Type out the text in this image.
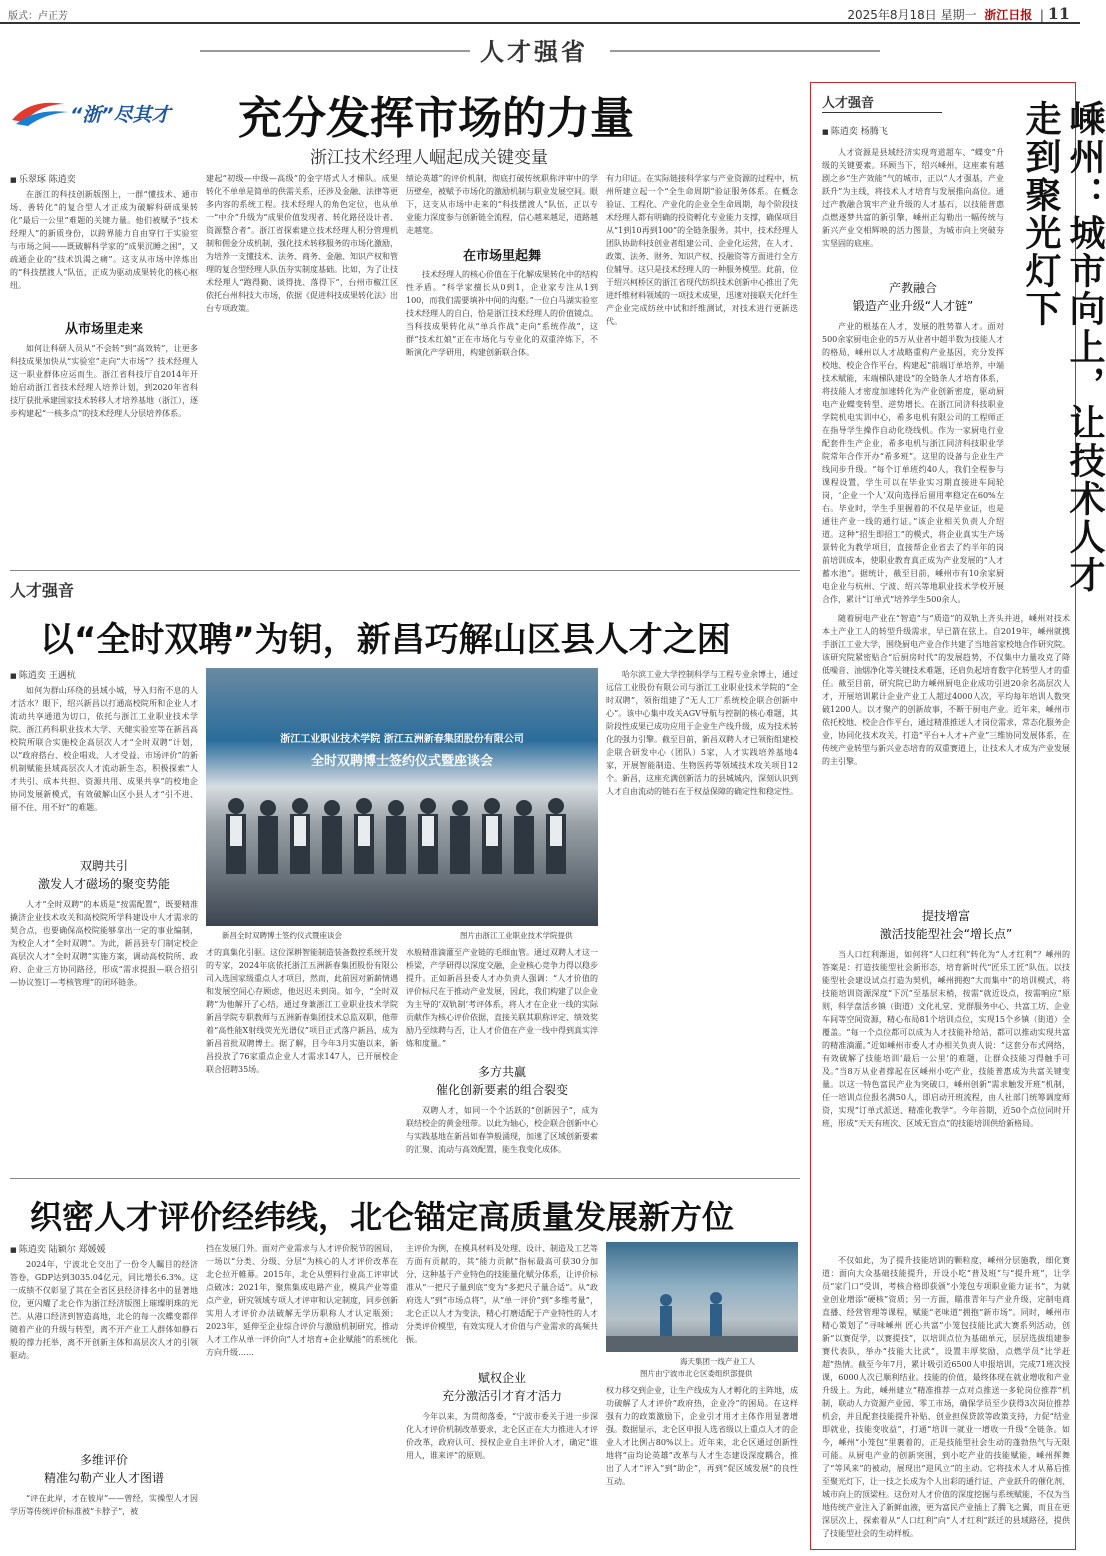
版式：卢正芳	2025年8月18日 星期一 浙江日报  | 11
人才强省
“浙”尽其才 充分发挥市场的力量
浙江技术经理人崛起成关键变量
■ 乐翠琢 陈逍奕
在浙江的科技创新版图上，一群“懂技术、通市场、善转化”的复合型人才正成为破解科研成果转化“最后一公里”难题的关键力量。他们被赋予“技术经理人”的新质身份，以跨界能力自由穿行于实验室与市场之间——既破解科学家的“成果沉睡之困”，又疏通企业的“技术饥渴之痛”。这支从市场中淬炼出的“科技摆渡人”队伍，正成为驱动成果转化的核心枢纽。
从市场里走来
如何让科研人员从“不会转”到“高效转”，让更多科技成果加快从“实验室”走向“大市场”？技术经理人这一职业群体应运而生。浙江省科技厅自2014年开始启动浙江省技术经理人培养计划，到2020年省科技厅获批承建国家技术转移人才培养基地（浙江），逐步构建起“一核多点”的技术经理人分层培养体系。
建起“初级—中级—高级”的金字塔式人才梯队。成果转化不单单是简单的供需关系，还涉及金融、法律等更多内容的系统工程。技术经理人的角色定位，也从单一“中介”升级为“成果价值发现者、转化路径设计者、资源整合者”。浙江省探索建立技术经理人积分管理机制和佣金分成机制，强化技术转移服务的市场化激励，为培养一支懂技术、法务、商务、金融、知识产权和管理的复合型经理人队伍夯实制度基础。比如，为了让技术经理人“跑得勤、谈得拢、落得下”，台州市椒江区依托台州科技大市场，依据《促进科技成果转化法》出台专项政策。
绩论英雄”的评价机制，彻底打破传统职称评审中的学历壁垒，被赋予市场化的激励机制与职业发展空间。眼下，这支从市场中走来的“科技摆渡人”队伍，正以专业能力深度参与创新链全流程，信心越来越足，道路越走越宽。
在市场里起舞
技术经理人的核心价值在于化解成果转化中的结构性矛盾。“科学家擅长从0到1，企业家专注从1到100，而我们需要填补中间的沟壑。”一位白马湖实验室技术经理人的自白，恰是浙江技术经理人的价值镜点。当科技成果转化从“单兵作战”走向“系统作战”，这群“技术红娘”正在市场化与专业化的双重淬炼下，不断演化产学研用，构建创新联合体。
有力印证。在实际链接科学家与产业资源的过程中，杭州所建立起一个“全生命周期”验证服务体系。在概念验证、工程化、产业化的企业全生命周期，每个阶段技术经理人都有明确的投资孵化专业能力支撑，确保项目从“1到10再到100”的全链条服务。其中，技术经理人团队协助科技创业者组建公司、企业化运营，在人才、政策、法务、财务、知识产权、投融资等方面进行全方位辅导。这只是技术经理人的一种服务模型。此前，位于绍兴柯桥区的浙江省现代纺织技术创新中心推出了先进纤维材料领域的一项技术成果，迅速对接联天化纤生产企业完成纺丝中试和纤维测试，对技术进行更新迭代。
人才强音
以“全时双聘”为钥，新昌巧解山区县人才之困
■ 陈逍奕 王遇杭
如何为群山环绕的县域小城，导入归衔不息的人才活水？眼下，绍兴新昌以打通高校院所和企业人才流动共享通道为切口，依托与浙江工业职业技术学院、浙江药科职业技术大学、天健实验室等在新昌高校院所联合实施校企高层次人才“全时双聘”计划，以“政府搭台、校企唱戏、人才受益、市场评价”的新机制赋能县域高层次人才流动新生态，积极探索“人才共引、成本共担、资源共用、成果共享”的校地企协同发展新模式，有效破解山区小县人才“引不进、留不住、用不好”的难题。
双聘共引
激发人才磁场的聚变势能
人才“全时双聘”的本质是“按需配置”，既要精准撬济企业技术攻关和高校院所学科建设中人才需求的契合点，也要确保高校院能够拿出一定的事业编制，为校企人才“全时双聘”。为此，新昌县专门制定校企高层次人才“全时双聘”实施方案，调动高校院所、政府、企业三方协同路径，形成“需求提报—联合招引—协议签订—考核管理”的闭环链条。
浙江工业职业技术学院 浙江五洲新春集团股份有限公司
全时双聘博士签约仪式暨座谈会
新昌全时双聘博士签约仪式暨座谈会	图片由浙江工业职业技术学院提供
才的真集化引驱。这位深耕智能制造装备数控系统开发的专家，2024年底依托浙江五洲新春集团股份有限公司入选国家级重点人才项目，然而，此前因对新薪情遇和发展空间心存顾虑，他迟迟未到岗。如今，“全时双聘”为他解开了心结，通过身兼浙江工业职业技术学院新昌学院专职教师与五洲新春集团技术总监双职，他带着“高性能X射线荧光光谱仪”项目正式落户新昌，成为新昌首批双聘博士。据了解，目今年3月实施以来，新昌投放了76家重点企业人才需求147人，已开展校企联合招聘35场。
水般精准滴灌至产业链的毛细血管。通过双聘人才这一桥梁，产学研得以深度交融，企业核心竞争力得以稳步提升。正如新昌县委人才办负责人强调：“人才价值的评价标尺在于推动产业发展，因此，我们构建了以企业为主导的‘双轨制’考评体系，将人才在企业一线的实际贡献作为核心评价依据，直接关联其职称评定、绩效奖励乃至续聘与否，让人才价值在产业一线中得到真实淬炼和度量。”
多方共赢
催化创新要素的组合裂变
双聘人才，如同一个个活跃的“创新因子”，成为联结校企的黄金纽带。以此为轴心，校企联合创新中心与实践基地在新昌如春笋般涌现，加速了区域创新要素的汇聚、流动与高效配置，能生我变化成体。
哈尔滨工业大学控制科学与工程专业余博士，通过远信工业股份有限公司与浙江工业职业技术学院的“全时双聘”，领衔组建了“无人工厂系统校企联合创新中心”。该中心集中攻关AGV导航与控制的核心难题，其阶段性成果已成功应用于企业生产线升级，成为技术转化的强力引擎。截至目前，新昌双聘人才已领衔组建校企联合研发中心（团队）5家，人才实践培养基地4家，开展智能制造、生物医药等领域技术攻关项目12个。新昌，这座充满创新活力的县城城内，深刻认识到人才自由流动的链石在于权益保障的确定性和稳定性。
织密人才评价经纬线，北仑锚定高质量发展新方位
■ 陈逍奕 陆颖尔 郑媛媛
2024年，宁波北仑交出了一份令人瞩目的经济答卷，GDP达到3035.04亿元，同比增长6.3%。这一成绩不仅彰显了其在全省区县经济排名中的显著地位，更闪耀了北仑作为浙江经济版图上璀璨明珠的光芒。从港口经济到智造高地，北仑的每一次蝶变都伴随着产业的升级与转型，离不开产业工人群体如静石般的撑力托举，离不开创新主体和高层次人才的引领驱动。
多维评价
精准勾勒产业人才图谱
“评在此岸，才在彼岸”——曾经，实操型人才因学历等传统评价标准被“卡脖子”，被
挡在发展门外。面对产业需求与人才评价脱节的困局，一场以“分类、分级、分层”为核心的人才评价改革在北仑拉开帷幕。2015年，北仑从塑料行业高工评审试点破冰；2021年，聚焦集成电路产业，模具产业等重点产业，研究领域专项人才评审和认定制度，同步创新实用人才评价办法破解无学历职称人才认定瓶颈；2023年，延伸至企业综合评价与激励机制研究，推动人才工作从单一评价向“人才培育+企业赋能”的系统化方向升级……
主评价为例，在模具材料及处理、设计、制造及工艺等方面有贡献的，其“能力贡献”指标最高可获30分加分，这种基于产业特色的技能量化赋分体系，让评价标准从“一把尺子量到底”变为“多把尺子量合适”。从“政府选人”到“市场点将”，从“单一评价”到“多维考量”，北仑正以人才为变法，精心打磨适配于产业特性的人才分类评价模型，有效实现人才价值与产业需求的高频共振。
赋权企业
充分激活引才育才活力
今年以来，为贯彻落委，“宁波市委关于进一步深化人才评价机制改革要求，北仑区正在大力推进人才评价改革，政府认可、授权企业自主评价人才，确定“谁用人，谁来评”的原则。
海天集团一线产业工人
图片由宁波市北仑区委组织部提供
权力移交到企业，让生产线成为人才孵化的主阵地，成功破解了人才评价“政府热，企业冷”的困局。在这样强有力的政策激励下，企业引才用才主体作用显著增强。数据显示，北仑区申报人选省级以上重点人才的企业人才比例占80%以上。近年来，北仑区通过创新性地将“亩均论英雄”改革与人才生态建设深度耦合，推出了人才“评入”到“助企”，再到“促区域发展”的良性互动。
人才强音
■ 陈逍奕 杨腾飞	嵊州：城市向上，让技术人才走到聚光灯下
人才资源是县域经济实现弯道超车、“蝶变”升级的关键要素。环顾当下，绍兴嵊州，这座素有越剧之乡“生产效能”气的城市，正以“人才强基，产业跃升”为主线，将技术人才培育与发展推向高位。通过产教融合筑牢产业升级的人才基石，以技能普惠点燃逐梦共富的新引擎，嵊州正勾勒出一幅传统与新兴产业交相辉映的活力图景，为城市向上突破夯实坚固的底座。
产教融合
锻造产业升级“人才链”
产业的根基在人才，发展的胜势靠人才。面对500余家厨电企业的5万从业者中超半数为技能人才的格局，嵊州以人才战略重构产业基因，充分发挥校地、校企合作平台，构建起“前端订单培养，中端技术赋能，末端梯队建设”的全链条人才培育体系，将技能人才密度加速转化为产业创新密度，驱动厨电产业蝶变转型、逆势增长。在浙江同济科技职业学院机电实训中心，希多电机有限公司的工程师正在指导学生操作自动化绕线机。作为一家厨电行业配套件生产企业，希多电机与浙江同济科技职业学院常年合作开办“希多班”。这里的设备与企业生产线同步升级。“每个订单班约40人，我们全程参与课程设置，学生可以在毕业实习期直接进车间轮岗，‘企业一个人’双向选择后留用率稳定在60%左右。毕业时，学生手里握着的不仅是毕业证，也是通往产业一线的通行证。”该企业相关负责人介绍道。这种“招生即招工”的模式，将企业真实生产场景转化为教学项目，直接帮企业省去了约半年的岗前培训成本，使职业教育真正成为产业发展的“人才蓄水池”。据统计，截至目前，嵊州市有10余家厨电企业与杭州、宁波、绍兴等地职业技术学校开展合作，累计“订单式”培养学生500余人。
随着厨电产业在“智造”与“质造”的双轨上齐头并进，嵊州对技术本土产业工人的转型升级需求，早已箭在弦上。自2019年，嵊州就携手浙江工业大学，围绕厨电产业合作共建了当地首家校地合作研究院。该研究院紧密贴合“后厨房时代”的发展趋势，不仅集中力量攻克了降低噪音、油烟净化等关键技术难题，还肩负起培育数字化转型人才的重任。截至目前，研究院已助力嵊州厨电企业成功引进20余名高层次人才，开展培训累计企业产业工人超过4000人次，平均每年培训人数突破1200人。以才聚产的创新故事，不断于厨电产业。近年来，嵊州市依托校地、校企合作平台，通过精准推送人才岗位需求，常态化服务企业，协同化技术攻关，打造“平台+人才+产业”三维协同发展体系，在传统产业转型与新兴业态培育的双重赛道上，让技术人才成为产业发展的主引擎。
提技增富
激活技能型社会“增长点”
当人口红利渐退，如何将“人口红利”转化为“人才红利”？嵊州的答案是：打造技能型社会新形态，培育新时代“匠乐工匠”队伍。以技能型社会建设试点打造为契机，嵊州拥抱“大而集中”的培训模式，将技能培训资源深度“下沉”至基层末梢，按需“就近设点，按需响应”原则，科学盘活乡镇（街道）文化礼堂、党群服务中心、共富工坊、企业车间等空间资源，精心布局81个培训点位，实现15个乡镇（街道）全覆盖。“每一个点位都可以成为人才技能补给站，都可以推动实现共富的精准滴灌。”近如嵊州市委人才办相关负责人说：“这套分布式网络，有效破解了技能培训‘最后一公里’的难题，让群众技能习得触手可及。”当8万从业者撑起在区嵊州小吃产业，技能普惠成为共富关键变量。以这一特色富民产业为突破口，嵊州创新“需求触发开班”机制，任一培训点位报名满50人，即启动开班流程，由人社部门统筹调度师资，实现“订单式派送、精准化教学”。今年首期，近50个点位同时开班，形成“天天有班次、区域无盲点”的技能培训供给新格局。
不仅如此，为了提升技能培训的颗粒度，嵊州分层施教，细化赛道：面向大众基础技能提升，开设小吃“普及班”与“提升班”，让学员“家门口”受训，考核合格即获颁“小笼包专项职业能力证书”，为就业创业增添“硬核”资质；另一方面，瞄准青年与产业升级，定制电商直播、经营管理等课程，赋能“老味道”拥抱“新市场”。同时，嵊州市精心策划了“寻味嵊州 匠心共富”小笼包技能比武大赛系列活动，创新“以赛促学，以赛提技”，以培训点位为基础单元，层层选拔组建参赛代表队，举办“技能大比武”，设置丰厚奖励，点燃学员“比学赶超”热情。截至今年7月，累计吸引近6500人申报培训，完成71班次授课，6000人次已顺利结业。技能的价值，最终体现在就业增收和产业升级上。为此，嵊州建立“精准推荐一点对点推送一多轮岗位推荐”机制，联动人力资源产业园、零工市场，确保学员至少获得3次岗位推荐机会，并且配套技能提升补贴、创业担保贷款等政策支持，力促“结业即就业，技能变收益”，打通“培训一就业一增收一升级”全链条。如今，嵊州“小笼包”里裹着的，正是技能型社会生动的蓬勃热气与无限可能。从厨电产业的创新突围，到小吃产业的技能赋能，嵊州挥舞了“等风来”的被动，展现出“迎风立”的主动。它将技术人才从幕后推至聚光灯下，让一技之长成为个人出彩的通行证、产业跃升的催化剂、城市向上的顶梁柱。这份对人才价值的深度挖掘与系统赋能，不仅为当地传统产业注入了新鲜血液，更为富民产业插上了腾飞之翼，而且在更深层次上，探索着从“人口红利”向“人才红利”跃迁的县域路径，提供了技能型社会的生动样板。
